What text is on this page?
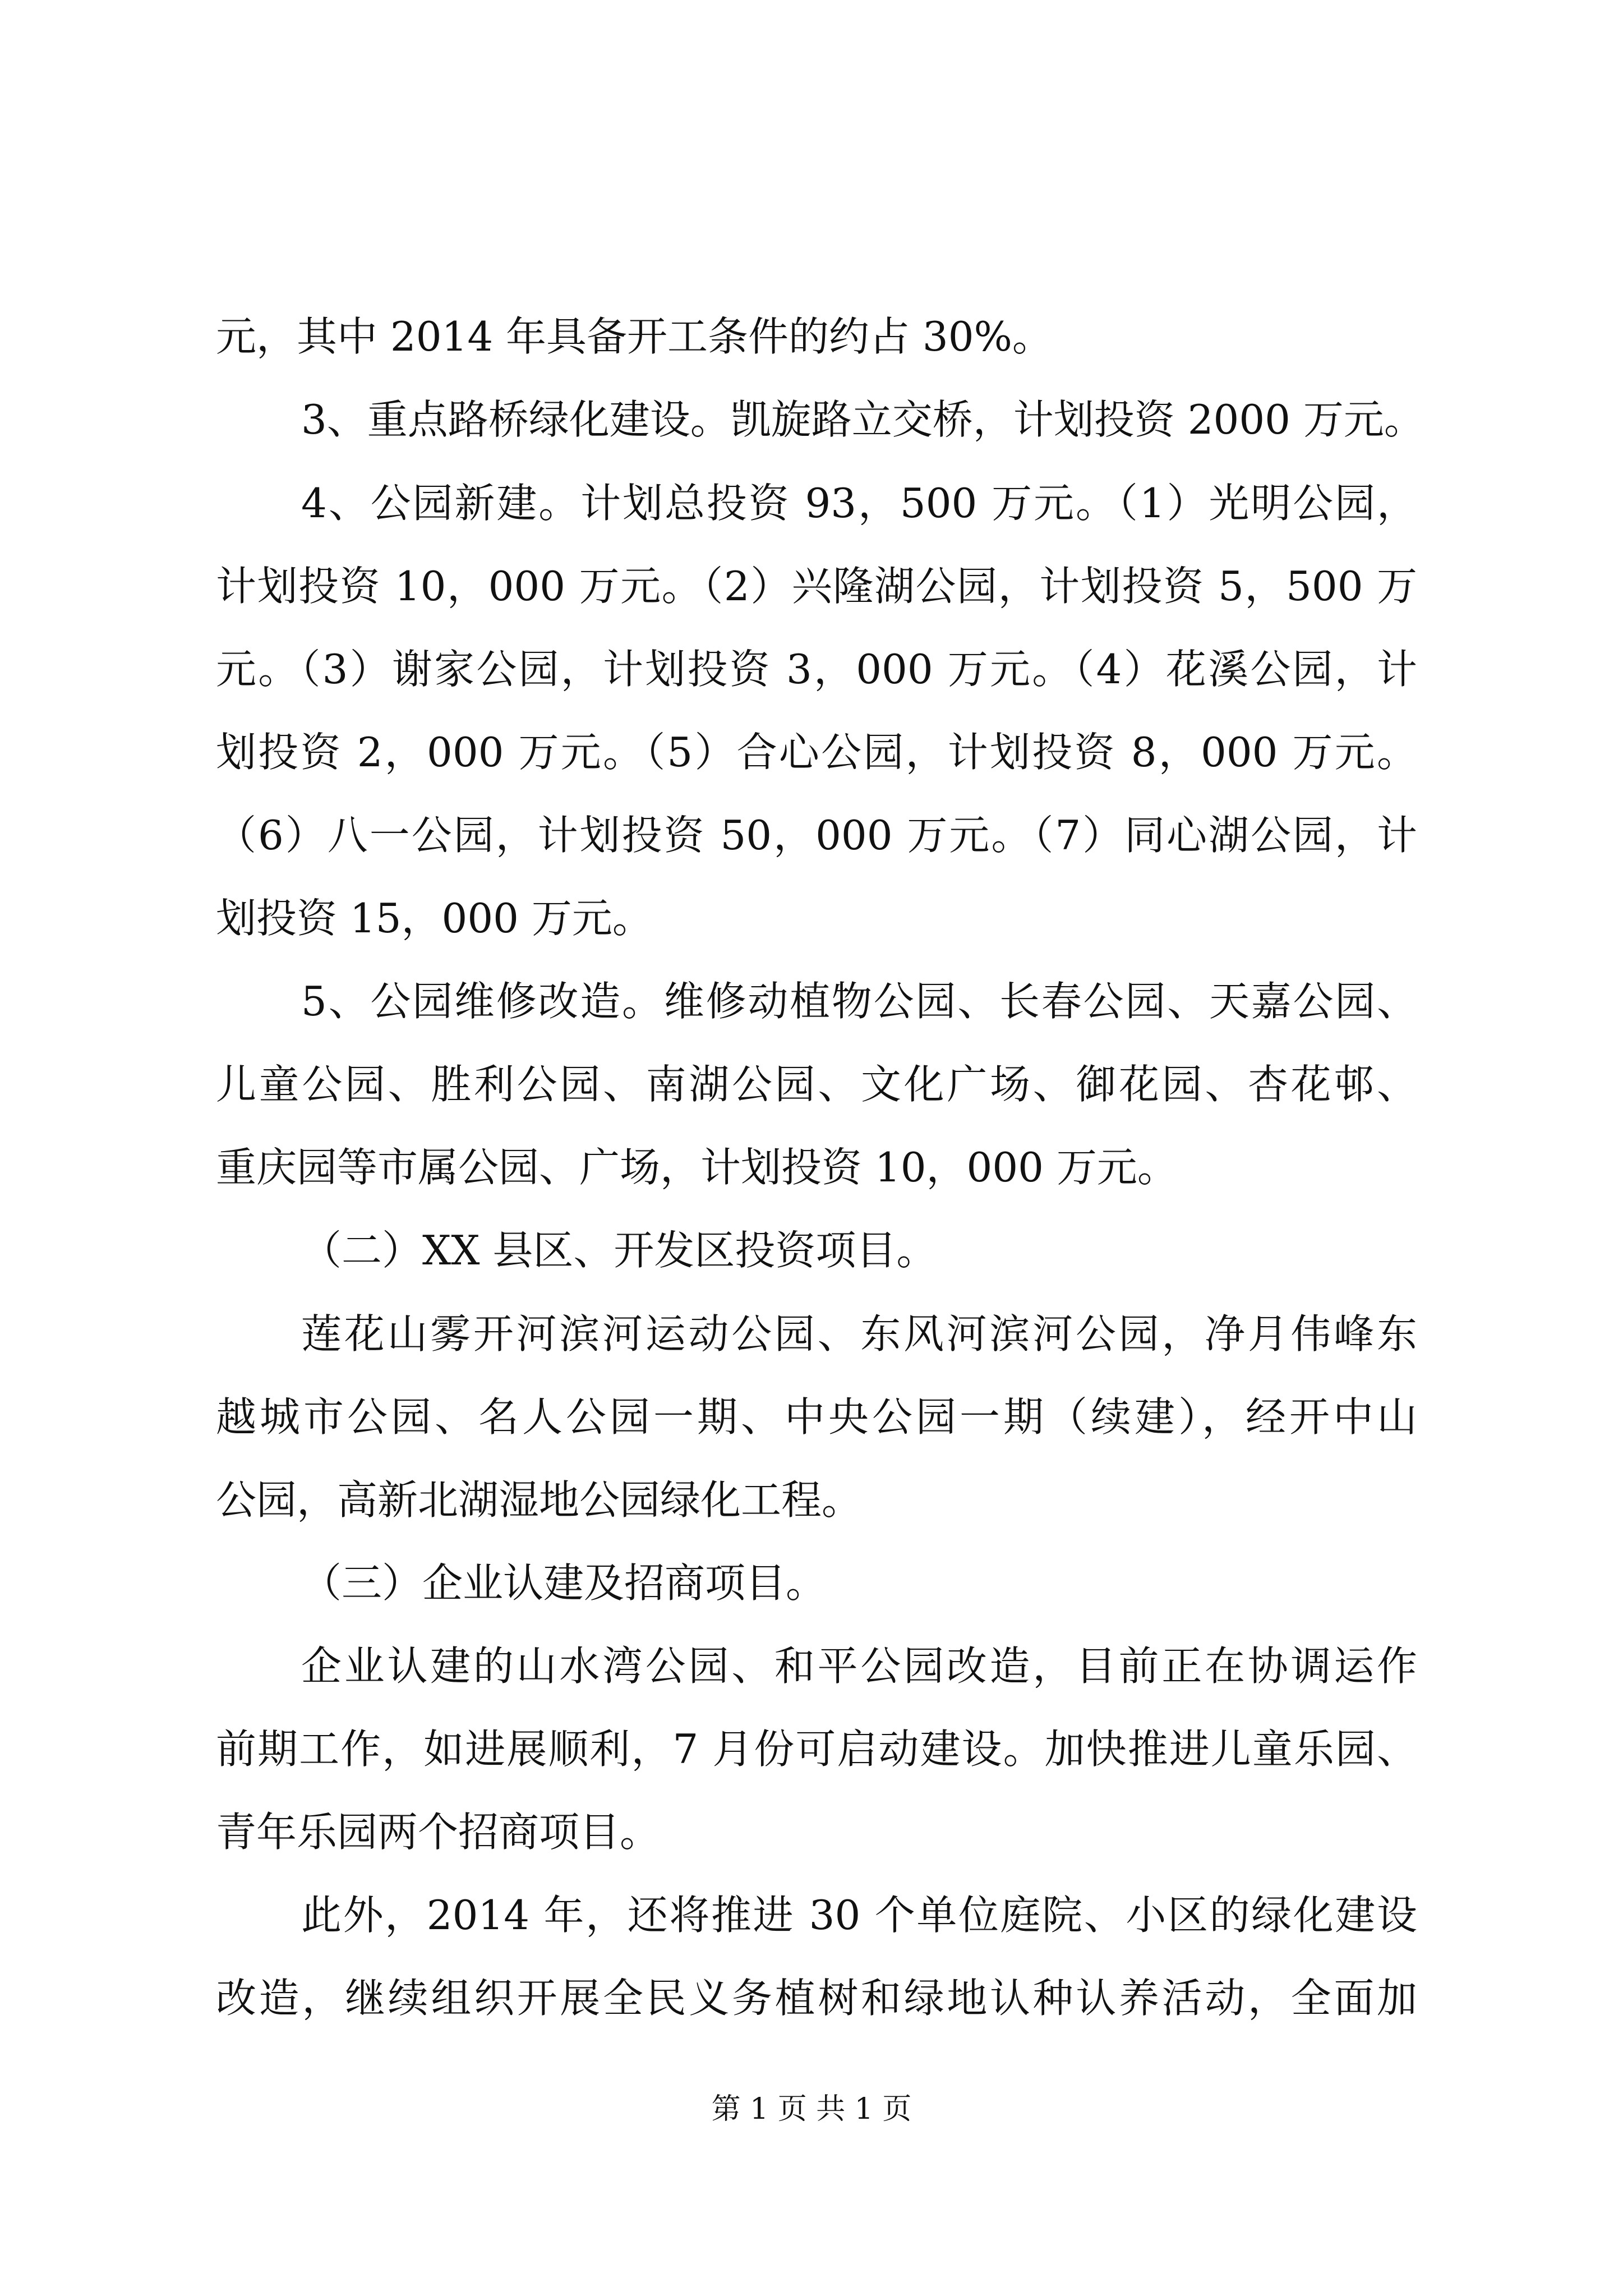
元，其中 2014 年具备开工条件的约占 30%。
3、重点路桥绿化建设。凯旋路立交桥，计划投资 2000 万元。
4、公园新建。计划总投资 93，500 万元。（1）光明公园，
计划投资 10，000 万元。（2）兴隆湖公园，计划投资 5，500 万
元。（3）谢家公园，计划投资 3，000 万元。（4）花溪公园，计
划投资 2，000 万元。（5）合心公园，计划投资 8，000 万元。
（6）八一公园，计划投资 50，000 万元。（7）同心湖公园，计
划投资 15，000 万元。
5、公园维修改造。维修动植物公园、长春公园、天嘉公园、
儿童公园、胜利公园、南湖公园、文化广场、御花园、杏花邨、
重庆园等市属公园、广场，计划投资 10，000 万元。
（二）XX 县区、开发区投资项目。
莲花山雾开河滨河运动公园、东风河滨河公园，净月伟峰东
越城市公园、名人公园一期、中央公园一期（续建），经开中山
公园，高新北湖湿地公园绿化工程。
（三）企业认建及招商项目。
企业认建的山水湾公园、和平公园改造，目前正在协调运作
前期工作，如进展顺利，7 月份可启动建设。加快推进儿童乐园、
青年乐园两个招商项目。
此外，2014 年，还将推进 30 个单位庭院、小区的绿化建设
改造，继续组织开展全民义务植树和绿地认种认养活动，全面加
第 1 页 共 1 页
